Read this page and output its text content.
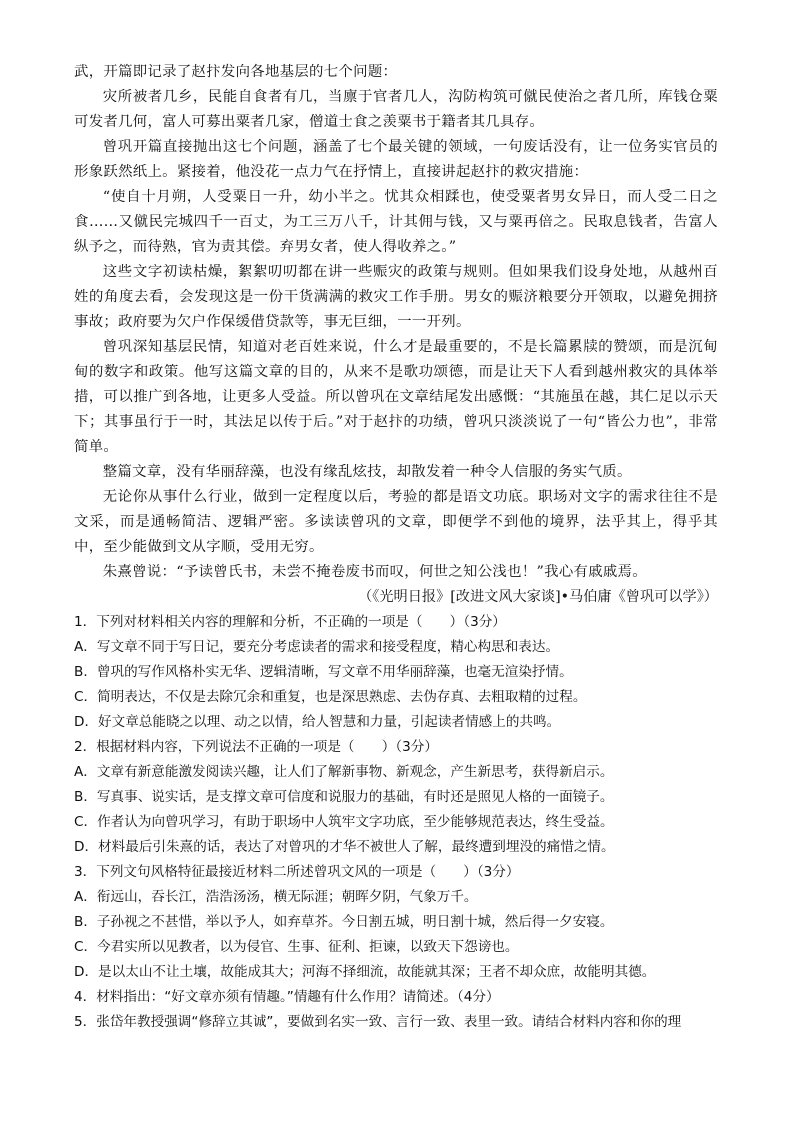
武，开篇即记录了赵抃发向各地基层的七个问题：

灾所被者几乡，民能自食者有几，当廪于官者几人，沟防构筑可僦民使治之者几所，库钱仓粟可发者几何，富人可募出粟者几家，僧道士食之羡粟书于籍者其几具存。

曾巩开篇直接抛出这七个问题，涵盖了七个最关键的领域，一句废话没有，让一位务实官员的形象跃然纸上。紧接着，他没花一点力气在抒情上，直接讲起赵抃的救灾措施：

“使自十月朔，人受粟日一升，幼小半之。忧其众相蹂也，使受粟者男女异日，而人受二日之食……又僦民完城四千一百丈，为工三万八千，计其佣与钱，又与粟再倍之。民取息钱者，告富人纵予之，而待熟，官为责其偿。弃男女者，使人得收养之。”

这些文字初读枯燥，絮絮叨叨都在讲一些赈灾的政策与规则。但如果我们设身处地，从越州百姓的角度去看，会发现这是一份干货满满的救灾工作手册。男女的赈济粮要分开领取，以避免拥挤事故；政府要为欠户作保缓借贷款等，事无巨细，一一开列。

曾巩深知基层民情，知道对老百姓来说，什么才是最重要的，不是长篇累牍的赞颂，而是沉甸甸的数字和政策。他写这篇文章的目的，从来不是歌功颂德，而是让天下人看到越州救灾的具体举措，可以推广到各地，让更多人受益。所以曾巩在文章结尾发出感慨：“其施虽在越，其仁足以示天下；其事虽行于一时，其法足以传于后。”对于赵抃的功绩，曾巩只淡淡说了一句“皆公力也”，非常简单。

整篇文章，没有华丽辞藻，也没有缘乱炫技，却散发着一种令人信服的务实气质。

无论你从事什么行业，做到一定程度以后，考验的都是语文功底。职场对文字的需求往往不是文采，而是通畅简洁、逻辑严密。多读读曾巩的文章，即便学不到他的境界，法乎其上，得乎其中，至少能做到文从字顺，受用无穷。

朱熹曾说：“予读曾氏书，未尝不掩卷废书而叹，何世之知公浅也！”我心有戚戚焉。

（《光明日报》[改进文风大家谈]•马伯庸《曾巩可以学》）

1．下列对材料相关内容的理解和分析，不正确的一项是（　　）（3分）

A．写文章不同于写日记，要充分考虑读者的需求和接受程度，精心构思和表达。

B．曾巩的写作风格朴实无华、逻辑清晰，写文章不用华丽辞藻，也毫无渲染抒情。

C．简明表达，不仅是去除冗余和重复，也是深思熟虑、去伪存真、去粗取精的过程。

D．好文章总能晓之以理、动之以情，给人智慧和力量，引起读者情感上的共鸣。

2．根据材料内容，下列说法不正确的一项是（　　）（3分）

A．文章有新意能激发阅读兴趣，让人们了解新事物、新观念，产生新思考，获得新启示。

B．写真事、说实话，是支撑文章可信度和说服力的基础，有时还是照见人格的一面镜子。

C．作者认为向曾巩学习，有助于职场中人筑牢文字功底，至少能够规范表达，终生受益。

D．材料最后引朱熹的话，表达了对曾巩的才华不被世人了解，最终遭到埋没的痛惜之情。

3．下列文句风格特征最接近材料二所述曾巩文风的一项是（　　）（3分）

A．衔远山，吞长江，浩浩汤汤，横无际涯；朝晖夕阴，气象万千。

B．子孙视之不甚惜，举以予人，如弃草芥。今日割五城，明日割十城，然后得一夕安寝。

C．今君实所以见教者，以为侵官、生事、征利、拒谏，以致天下怨谤也。

D．是以太山不让土壤，故能成其大；河海不择细流，故能就其深；王者不却众庶，故能明其德。

4．材料指出：“好文章亦须有情趣。”情趣有什么作用？请简述。（4分）

5．张岱年教授强调“修辞立其诚”，要做到名实一致、言行一致、表里一致。请结合材料内容和你的理
